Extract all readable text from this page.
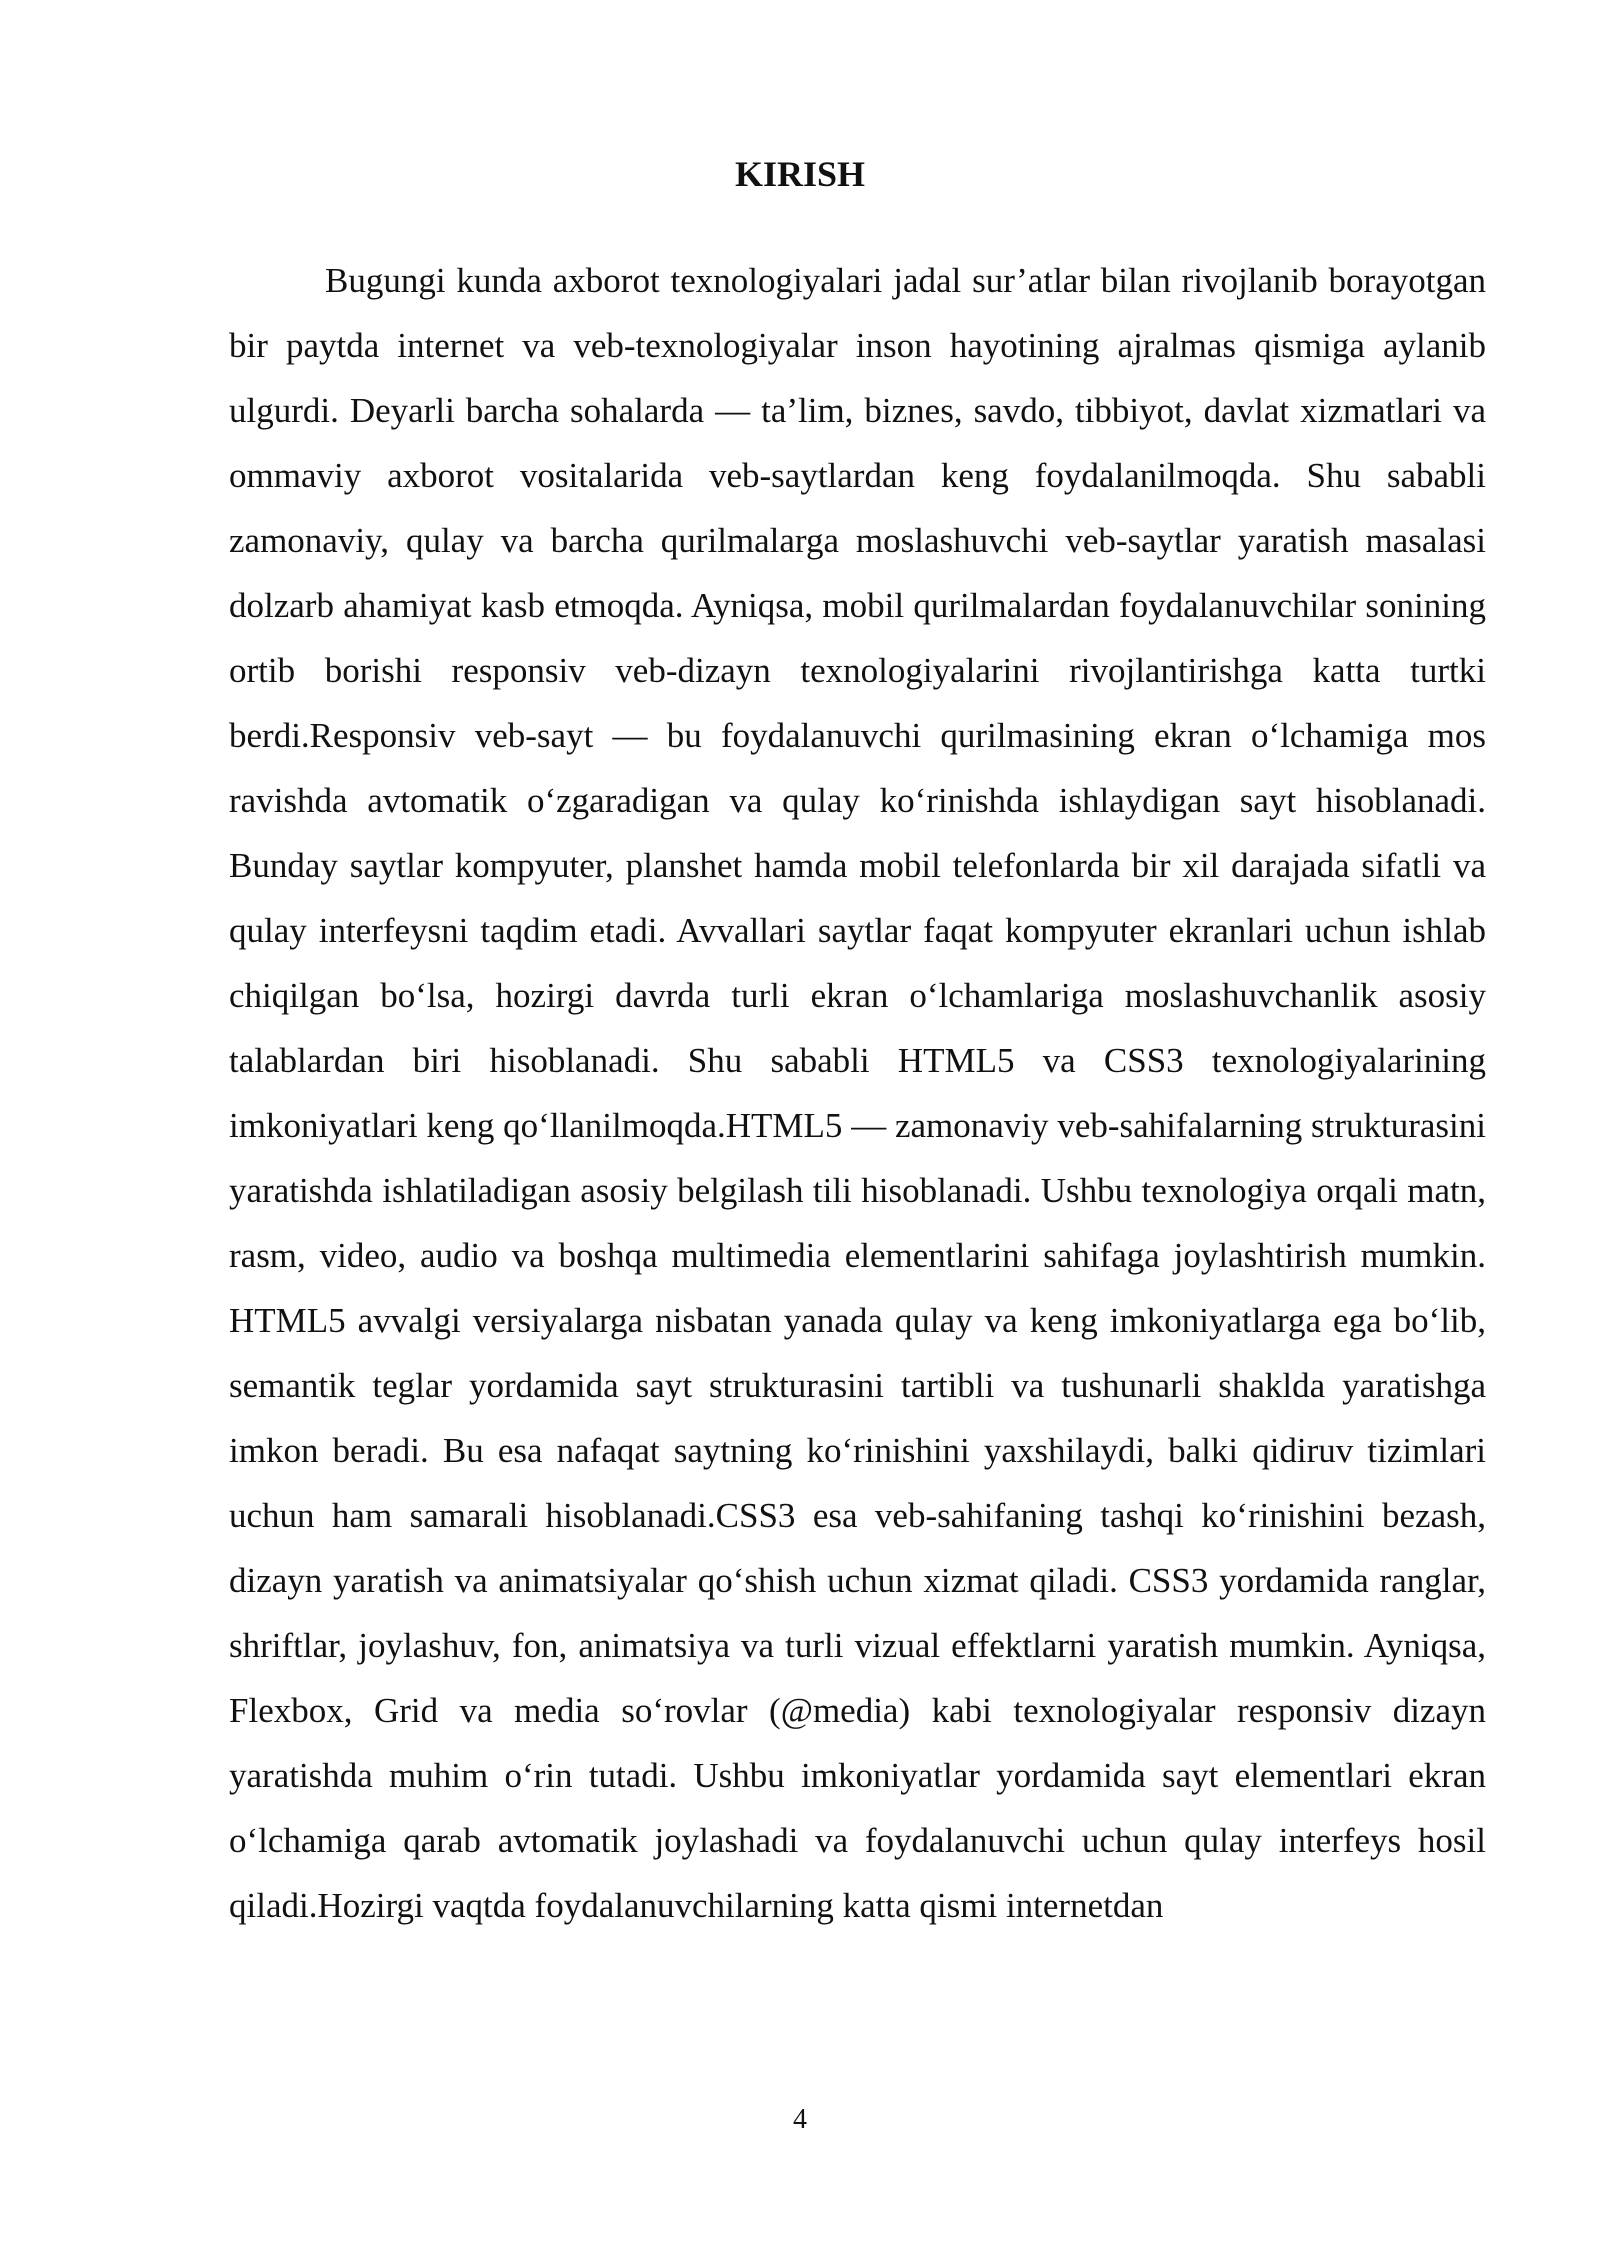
KIRISH

Bugungi kunda axborot texnologiyalari jadal sur’atlar bilan rivojlanib borayotgan bir paytda internet va veb-texnologiyalar inson hayotining ajralmas qismiga aylanib ulgurdi. Deyarli barcha sohalarda — ta’lim, biznes, savdo, tibbiyot, davlat xizmatlari va ommaviy axborot vositalarida veb-saytlardan keng foydalanilmoqda. Shu sababli zamonaviy, qulay va barcha qurilmalarga moslashuvchi veb-saytlar yaratish masalasi dolzarb ahamiyat kasb etmoqda. Ayniqsa, mobil qurilmalardan foydalanuvchilar sonining ortib borishi responsiv veb-dizayn texnologiyalarini rivojlantirishga katta turtki berdi.Responsiv veb-sayt — bu foydalanuvchi qurilmasining ekran o‘lchamiga mos ravishda avtomatik o‘zgaradigan va qulay ko‘rinishda ishlaydigan sayt hisoblanadi. Bunday saytlar kompyuter, planshet hamda mobil telefonlarda bir xil darajada sifatli va qulay interfeysni taqdim etadi. Avvallari saytlar faqat kompyuter ekranlari uchun ishlab chiqilgan bo‘lsa, hozirgi davrda turli ekran o‘lchamlariga moslashuvchanlik asosiy talablardan biri hisoblanadi. Shu sababli HTML5 va CSS3 texnologiyalarining imkoniyatlari keng qo‘llanilmoqda.HTML5 — zamonaviy veb-sahifalarning strukturasini yaratishda ishlatiladigan asosiy belgilash tili hisoblanadi. Ushbu texnologiya orqali matn, rasm, video, audio va boshqa multimedia elementlarini sahifaga joylashtirish mumkin. HTML5 avvalgi versiyalarga nisbatan yanada qulay va keng imkoniyatlarga ega bo‘lib, semantik teglar yordamida sayt strukturasini tartibli va tushunarli shaklda yaratishga imkon beradi. Bu esa nafaqat saytning ko‘rinishini yaxshilaydi, balki qidiruv tizimlari uchun ham samarali hisoblanadi.CSS3 esa veb-sahifaning tashqi ko‘rinishini bezash, dizayn yaratish va animatsiyalar qo‘shish uchun xizmat qiladi. CSS3 yordamida ranglar, shriftlar, joylashuv, fon, animatsiya va turli vizual effektlarni yaratish mumkin. Ayniqsa, Flexbox, Grid va media so‘rovlar (@media) kabi texnologiyalar responsiv dizayn yaratishda muhim o‘rin tutadi. Ushbu imkoniyatlar yordamida sayt elementlari ekran o‘lchamiga qarab avtomatik joylashadi va foydalanuvchi uchun qulay interfeys hosil qiladi.Hozirgi vaqtda foydalanuvchilarning katta qismi internetdan

4
